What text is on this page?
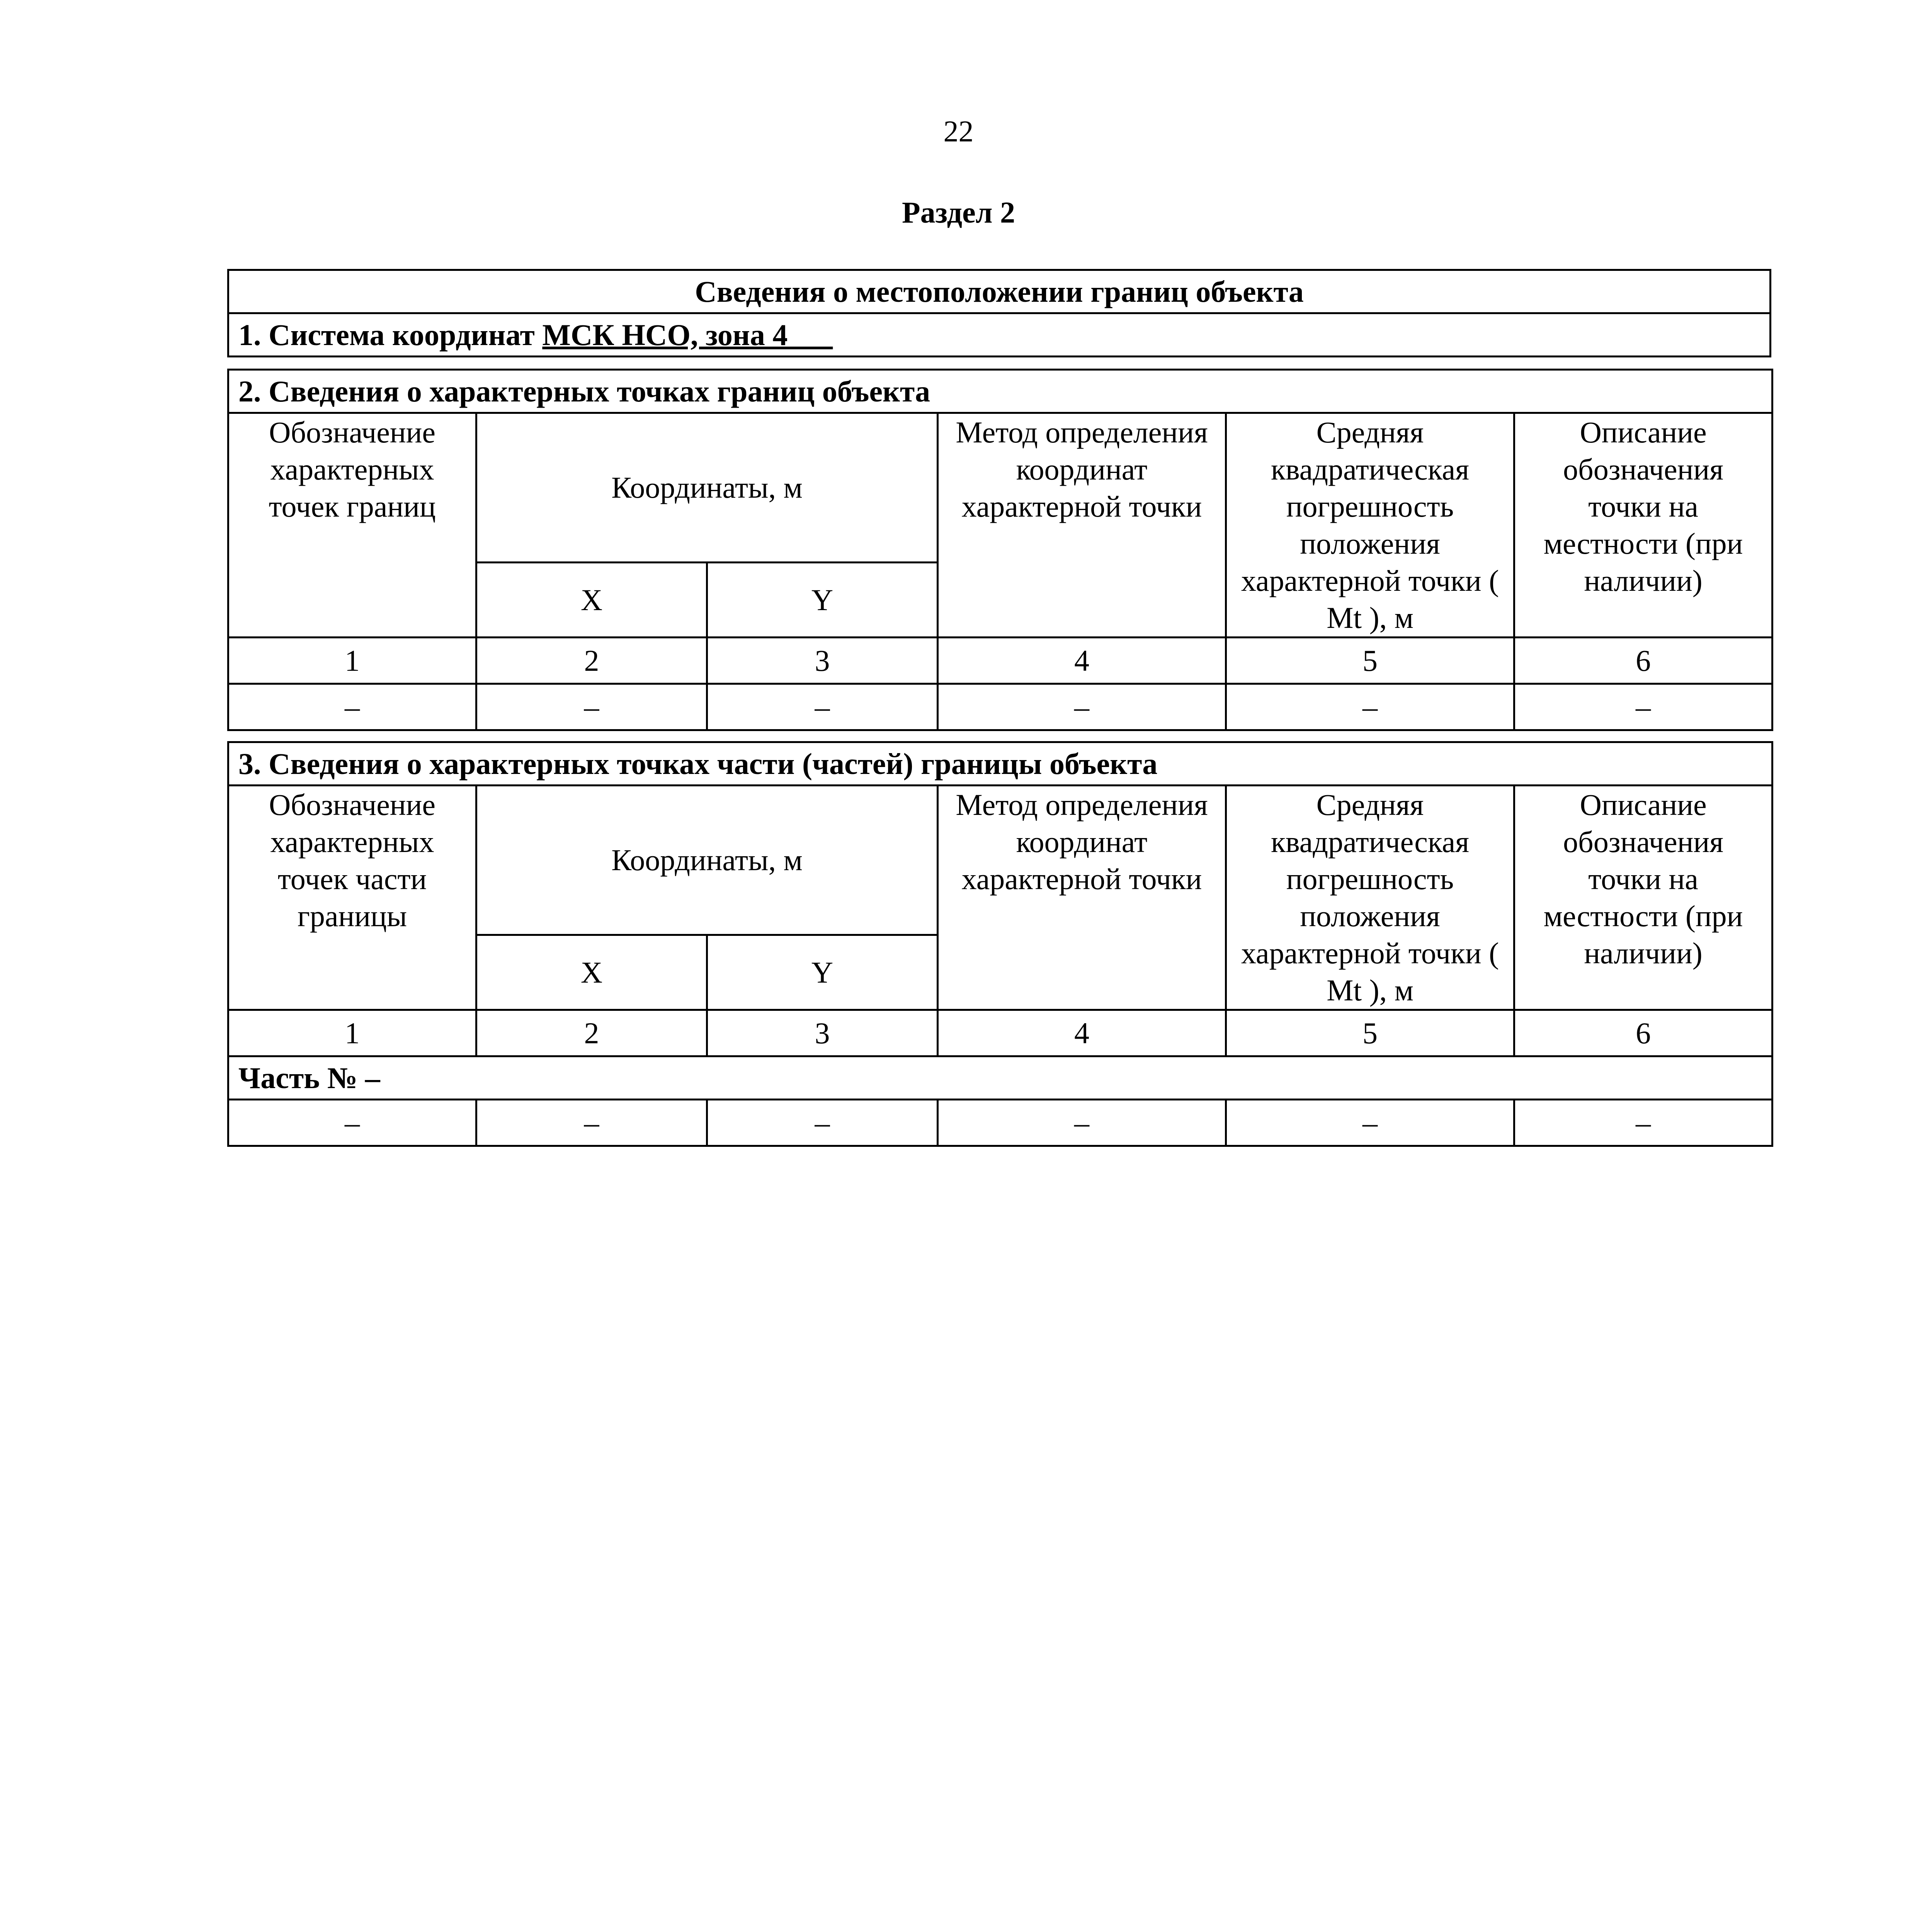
22
Раздел 2
Сведения о местоположении границ объекта
1. Система координат МСК НСО, зона 4
2. Сведения о характерных точках границ объекта					
Обозначение характерных точек границ	Координаты, м		Метод определения координат характерной точки	Средняя квадратическая погрешность положения характерной точки ( Mt ), м	Описание обозначения точки на местности (при наличии)
	X	Y			
1	2	3	4	5	6
–	–	–	–	–	–
3. Сведения о характерных точках части (частей) границы объекта					
Обозначение характерных точек части границы	Координаты, м		Метод определения координат характерной точки	Средняя квадратическая погрешность положения характерной точки ( Mt ), м	Описание обозначения точки на местности (при наличии)
	X	Y			
1	2	3	4	5	6
Часть № –					
–	–	–	–	–	–
